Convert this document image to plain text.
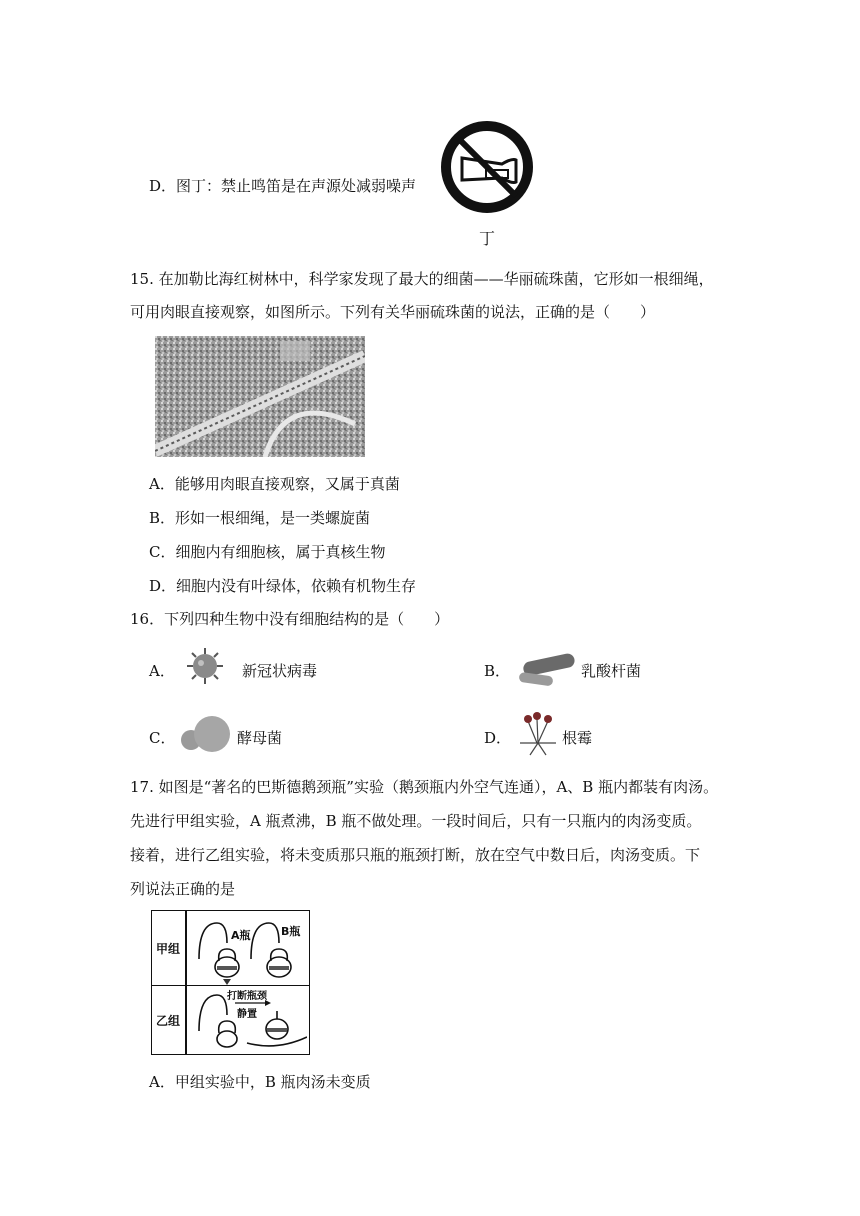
D．图丁：禁止鸣笛是在声源处减弱噪声
丁
15. 在加勒比海红树林中，科学家发现了最大的细菌——华丽硫珠菌，它形如一根细绳，
可用肉眼直接观察，如图所示。下列有关华丽硫珠菌的说法，正确的是（　　）
A．能够用肉眼直接观察，又属于真菌
B．形如一根细绳，是一类螺旋菌
C．细胞内有细胞核，属于真核生物
D．细胞内没有叶绿体，依赖有机物生存
16．下列四种生物中没有细胞结构的是（　　）
A．	新冠状病毒	B．	乳酸杆菌
C．	酵母菌	D．	根霉
17. 如图是“著名的巴斯德鹅颈瓶”实验（鹅颈瓶内外空气连通），A、B 瓶内都装有肉汤。
先进行甲组实验，A 瓶煮沸，B 瓶不做处理。一段时间后，只有一只瓶内的肉汤变质。
接着，进行乙组实验，将未变质那只瓶的瓶颈打断，放在空气中数日后，肉汤变质。下
列说法正确的是
甲组
乙组
A瓶	B瓶
打断瓶颈
静置
A．甲组实验中，B 瓶肉汤未变质
